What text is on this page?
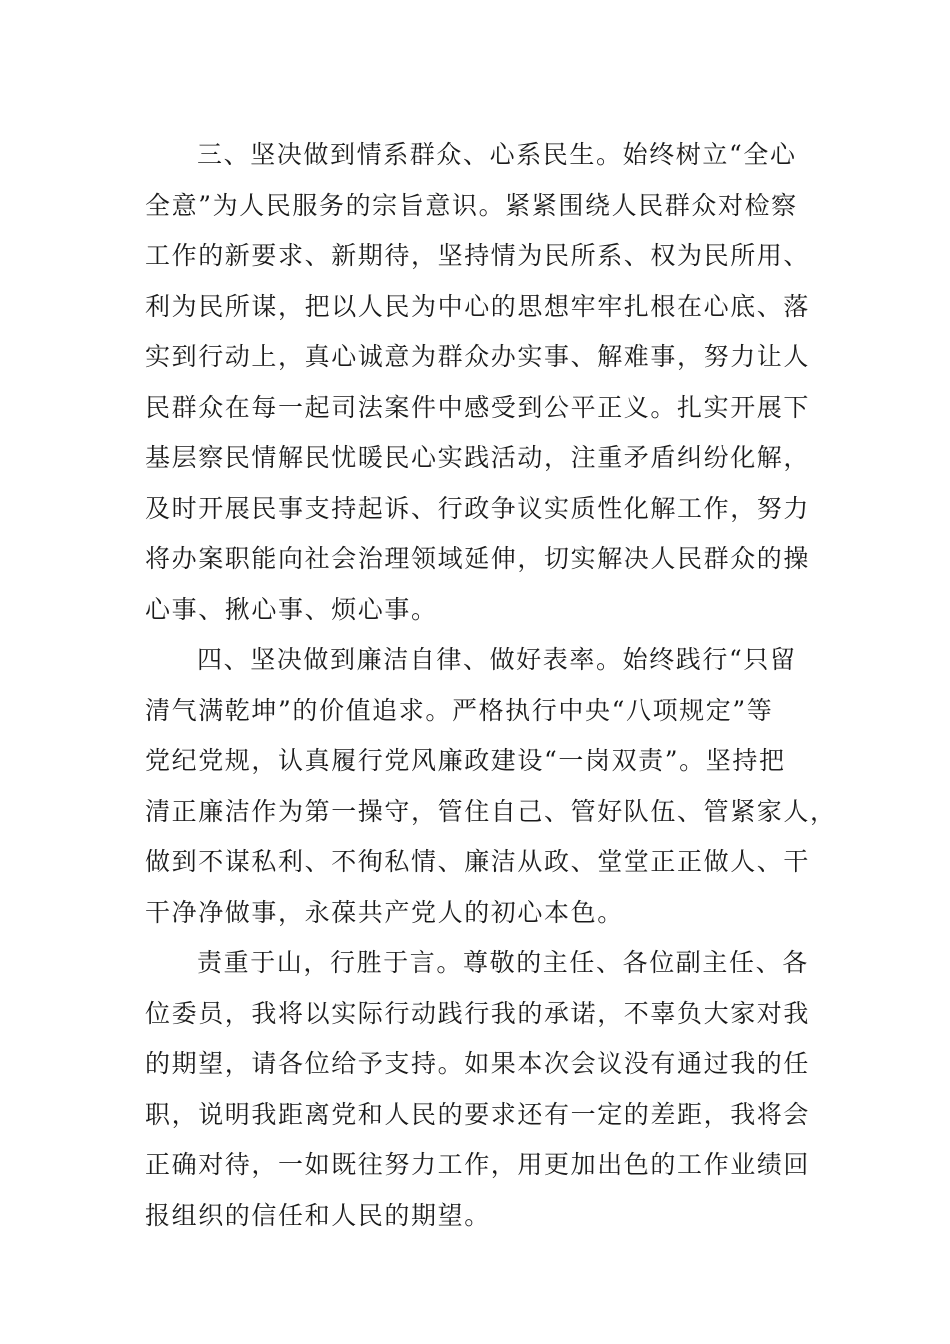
三、坚决做到情系群众、心系民生。始终树立“全心
全意”为人民服务的宗旨意识。紧紧围绕人民群众对检察
工作的新要求、新期待，坚持情为民所系、权为民所用、
利为民所谋，把以人民为中心的思想牢牢扎根在心底、落
实到行动上，真心诚意为群众办实事、解难事，努力让人
民群众在每一起司法案件中感受到公平正义。扎实开展下
基层察民情解民忧暖民心实践活动，注重矛盾纠纷化解，
及时开展民事支持起诉、行政争议实质性化解工作，努力
将办案职能向社会治理领域延伸，切实解决人民群众的操
心事、揪心事、烦心事。
四、坚决做到廉洁自律、做好表率。始终践行“只留
清气满乾坤”的价值追求。严格执行中央“八项规定”等
党纪党规，认真履行党风廉政建设“一岗双责”。坚持把
清正廉洁作为第一操守，管住自己、管好队伍、管紧家人，
做到不谋私利、不徇私情、廉洁从政、堂堂正正做人、干
干净净做事，永葆共产党人的初心本色。
责重于山，行胜于言。尊敬的主任、各位副主任、各
位委员，我将以实际行动践行我的承诺，不辜负大家对我
的期望，请各位给予支持。如果本次会议没有通过我的任
职，说明我距离党和人民的要求还有一定的差距，我将会
正确对待，一如既往努力工作，用更加出色的工作业绩回
报组织的信任和人民的期望。
